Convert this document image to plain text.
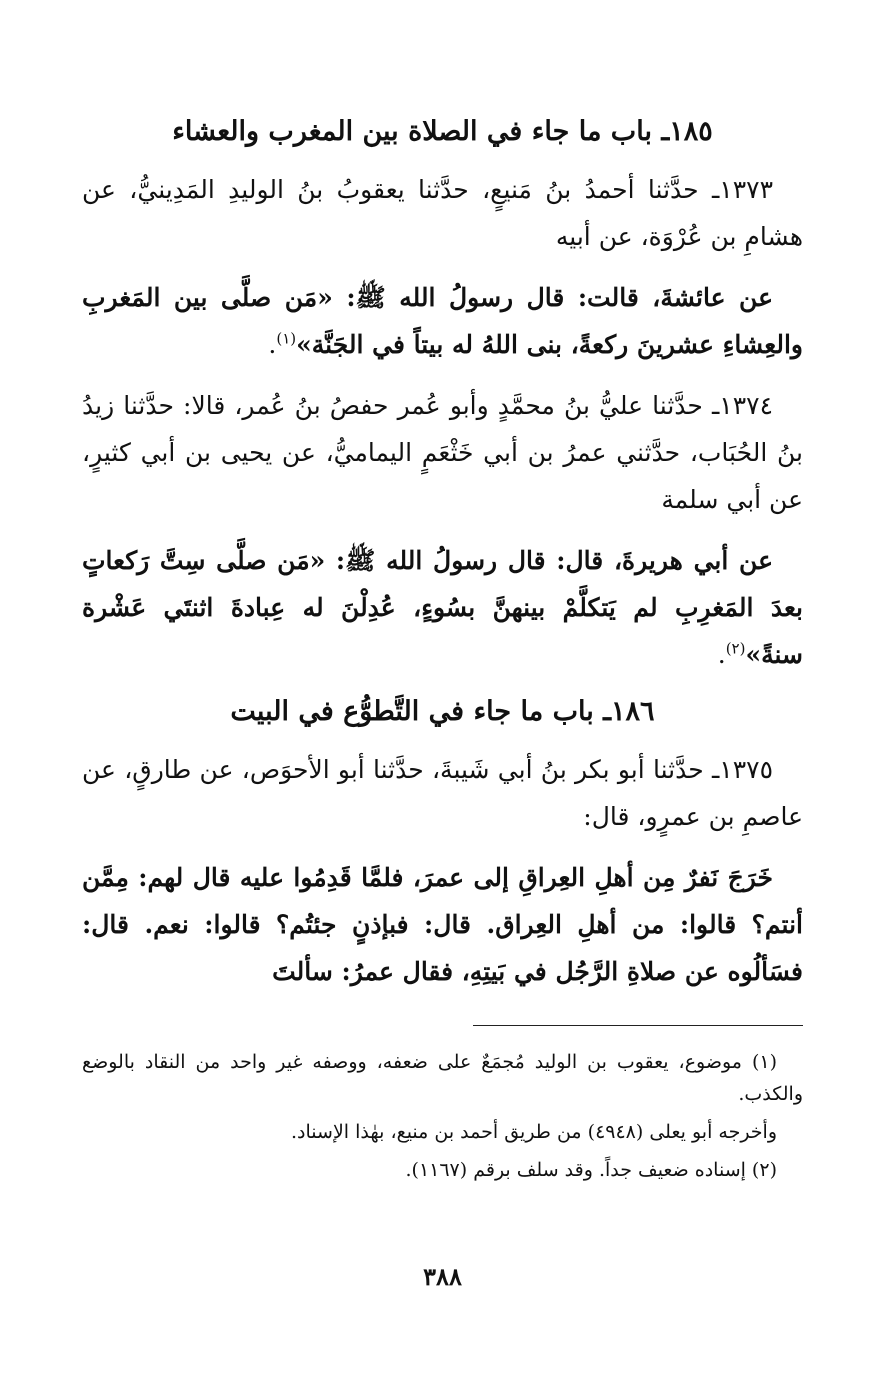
١٨٥ـ باب ما جاء في الصلاة بين المغرب والعشاء

١٣٧٣ـ حدَّثنا أحمدُ بنُ مَنيعٍ، حدَّثنا يعقوبُ بنُ الوليدِ المَدِينيُّ، عن هشامِ بن عُرْوَة، عن أبيه

عن عائشةَ، قالت: قال رسولُ الله ﷺ: «مَن صلَّى بين المَغربِ والعِشاءِ عشرينَ ركعةً، بنى اللهُ له بيتاً في الجَنَّة»$^{(١)}$.

١٣٧٤ـ حدَّثنا عليُّ بنُ محمَّدٍ وأبو عُمر حفصُ بنُ عُمر، قالا: حدَّثنا زيدُ بنُ الحُبَاب، حدَّثني عمرُ بن أبي خَثْعَمٍ اليماميُّ، عن يحيى بن أبي كثيرٍ، عن أبي سلمة

عن أبي هريرةَ، قال: قال رسولُ الله ﷺ: «مَن صلَّى سِتَّ رَكعاتٍ بعدَ المَغرِبِ لم يَتكلَّمْ بينهنَّ بسُوءٍ، عُدِلْنَ له عِبادةَ اثنتَي عَشْرة سنةً»$^{(٢)}$.

١٨٦ـ باب ما جاء في التَّطوُّع في البيت

١٣٧٥ـ حدَّثنا أبو بكر بنُ أبي شَيبةَ، حدَّثنا أبو الأحوَص، عن طارقٍ، عن عاصمِ بن عمرٍو، قال:

خَرَجَ نَفرٌ مِن أهلِ العِراقِ إلى عمرَ، فلمَّا قَدِمُوا عليه قال لهم: مِمَّن أنتم؟ قالوا: من أهلِ العِراق. قال: فبإذنٍ جئتُم؟ قالوا: نعم. قال: فسَألُوه عن صلاةِ الرَّجُل في بَيتِهِ، فقال عمرُ: سألتَ

(١) موضوع، يعقوب بن الوليد مُجمَعٌ على ضعفه، ووصفه غير واحد من النقاد بالوضع والكذب.

وأخرجه أبو يعلى (٤٩٤٨) من طريق أحمد بن منيع، بهٰذا الإسناد.

(٢) إسناده ضعيف جداً. وقد سلف برقم (١١٦٧).

٣٨٨
